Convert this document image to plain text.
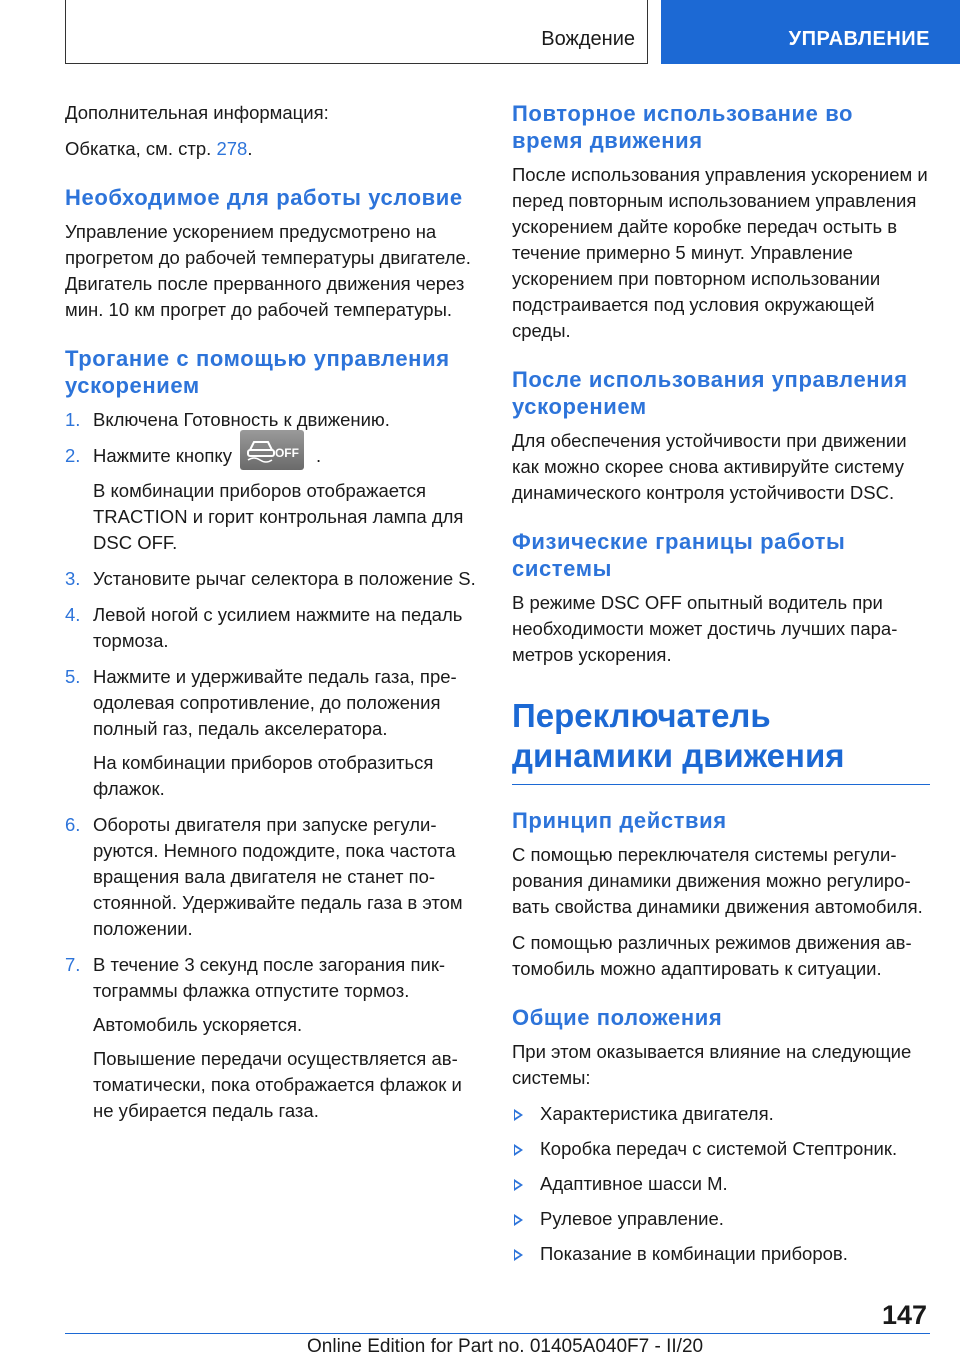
Вождение	УПРАВЛЕНИЕ

Дополнительная информация:

Обкатка, см. стр. 278.

Необходимое для работы условие

Управление ускорением предусмотрено на прогретом до рабочей температуры двигателе. Двигатель после прерванного движения через мин. 10 км прогрет до рабочей температуры.

Трогание с помощью управления ускорением
1. Включена Готовность к движению.
2. Нажмите кнопку	OFF .
В комбинации приборов отображается TRACTION и горит контрольная лампа для DSC OFF.
3. Установите рычаг селектора в положение S.
4. Левой ногой с усилием нажмите на педаль тормоза.
5. Нажмите и удерживайте педаль газа, преодолевая сопротивление, до положения полный газ, педаль акселератора.
На комбинации приборов отобразиться флажок.
6. Обороты двигателя при запуске регулируются. Немного подождите, пока частота вращения вала двигателя не станет постоянной. Удерживайте педаль газа в этом положении.
7. В течение 3 секунд после загорания пиктограммы флажка отпустите тормоз.
Автомобиль ускоряется.
Повышение передачи осуществляется автоматически, пока отображается флажок и не убирается педаль газа.
Повторное использование во время движения

После использования управления ускорением и перед повторным использованием управления ускорением дайте коробке передач остыть в течение примерно 5 минут. Управление ускорением при повторном использовании подстраивается под условия окружающей среды.

После использования управления ускорением

Для обеспечения устойчивости при движении как можно скорее снова активируйте систему динамического контроля устойчивости DSC.

Физические границы работы системы

В режиме DSC OFF опытный водитель при необходимости может достичь лучших параметров ускорения.

Переключатель динамики движения
Принцип действия

С помощью переключателя системы регулирования динамики движения можно регулировать свойства динамики движения автомобиля.

С помощью различных режимов движения автомобиль можно адаптировать к ситуации.

Общие положения

При этом оказывается влияние на следующие системы:

Характеристика двигателя.
Коробка передач с системой Стептроник.
Адаптивное шасси M.
Рулевое управление.
Показание в комбинации приборов.
147
Online Edition for Part no. 01405A040F7 - II/20
